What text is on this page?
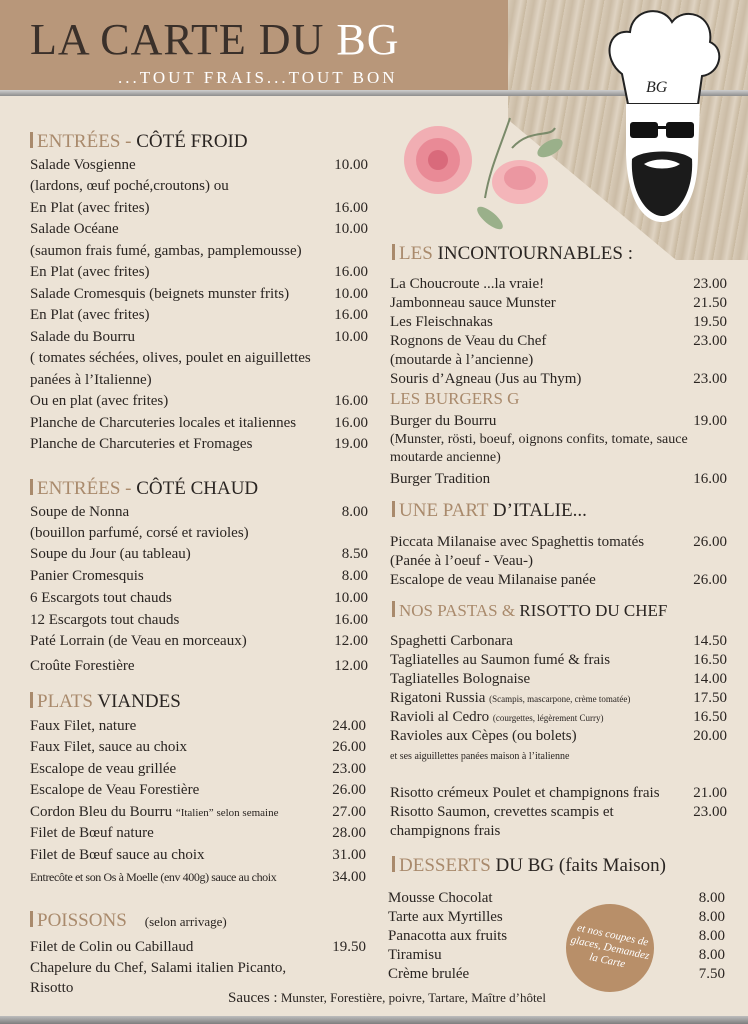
LA CARTE DU BG
...TOUT FRAIS...TOUT BON
BG
ENTRÉES - CÔTÉ FROID
Salade Vosgienne	10.00
(lardons, œuf poché,croutons) ou
En Plat (avec frites)	16.00
Salade Océane	10.00
(saumon frais fumé, gambas, pamplemousse)
En Plat (avec frites)	16.00
Salade Cromesquis (beignets munster frits)	10.00
En Plat (avec frites)	16.00
Salade du Bourru	10.00
( tomates séchées, olives, poulet en aiguillettes
panées à l’Italienne)
Ou en plat (avec frites)	16.00
Planche de Charcuteries locales et italiennes	16.00
Planche de Charcuteries et Fromages	19.00
ENTRÉES - CÔTÉ CHAUD
Soupe de Nonna	8.00
(bouillon parfumé, corsé et ravioles)
Soupe du Jour (au tableau)	8.50
Panier Cromesquis	8.00
6 Escargots tout chauds	10.00
12 Escargots tout chauds	16.00
Paté Lorrain (de Veau en morceaux)	12.00
Croûte Forestière	12.00
PLATS VIANDES
Faux Filet, nature	24.00
Faux Filet, sauce au choix	26.00
Escalope de veau grillée	23.00
Escalope de Veau Forestière	26.00
Cordon Bleu du Bourru “Italien” selon semaine	27.00
Filet de Bœuf nature	28.00
Filet de Bœuf sauce au choix	31.00
Entrecôte et son Os à Moelle (env 400g) sauce au choix	34.00
POISSONS (selon arrivage)
Filet de Colin ou Cabillaud	19.50
Chapelure du Chef, Salami italien Picanto,
Risotto
LES INCONTOURNABLES :
La Choucroute ...la vraie!	23.00
Jambonneau sauce Munster	21.50
Les Fleischnakas	19.50
Rognons de Veau du Chef	23.00
(moutarde à l’ancienne)
Souris d’Agneau (Jus au Thym)	23.00
LES BURGERS G
Burger du Bourru	19.00
(Munster, rösti, boeuf, oignons confits, tomate, sauce
moutarde ancienne)
Burger Tradition	16.00
UNE PART D’ITALIE...
Piccata Milanaise avec Spaghettis tomatés	26.00
(Panée à l’oeuf - Veau-)
Escalope de veau Milanaise panée	26.00
NOS PASTAS & RISOTTO DU CHEF
Spaghetti Carbonara	14.50
Tagliatelles au Saumon fumé & frais	16.50
Tagliatelles Bolognaise	14.00
Rigatoni Russia (Scampis, mascarpone, crème tomatée)	17.50
Ravioli al Cedro (courgettes, légèrement Curry)	16.50
Ravioles aux Cèpes (ou bolets)	20.00
et ses aiguillettes panées maison à l’italienne
Risotto crémeux Poulet et champignons frais 21.00
Risotto Saumon, crevettes scampis et	23.00
champignons frais
DESSERTS DU BG (faits Maison)
Mousse Chocolat	8.00
Tarte aux Myrtilles	8.00
Panacotta aux fruits	8.00
Tiramisu	8.00
Crème brulée	7.50
et nos coupes de glaces, Demandez la Carte
Sauces : Munster, Forestière, poivre, Tartare, Maître d’hôtel
